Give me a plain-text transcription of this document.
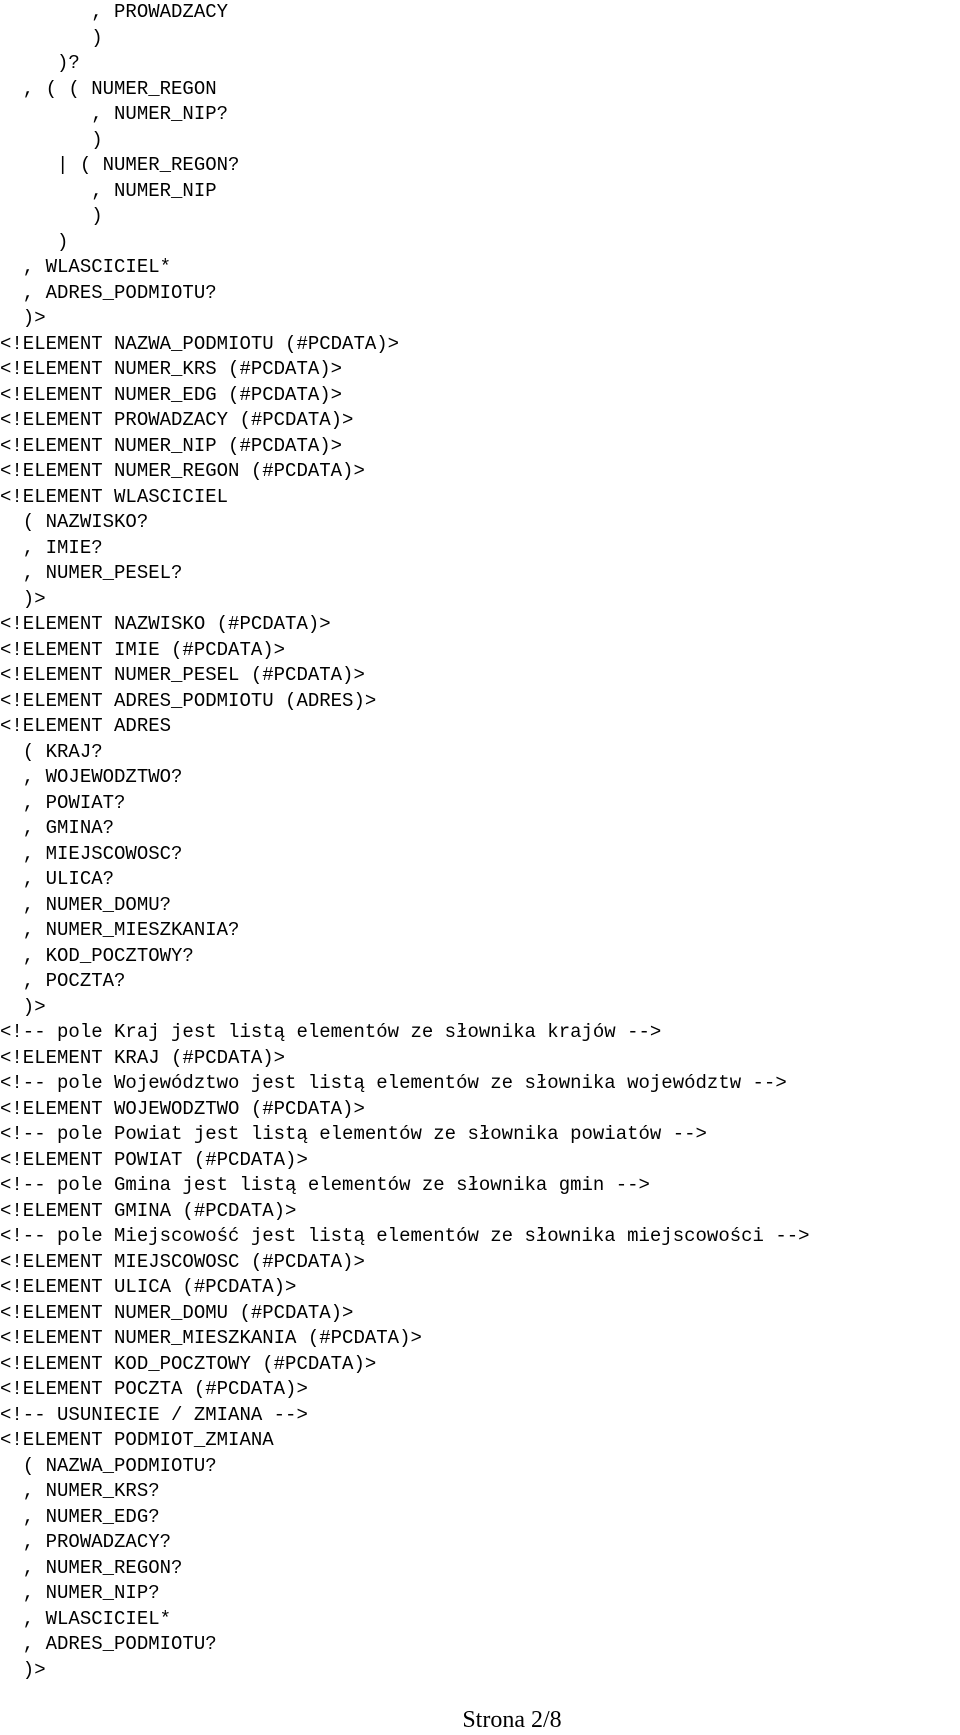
, PROWADZACY
)
)?
, ( ( NUMER_REGON
, NUMER_NIP?
)
| ( NUMER_REGON?
, NUMER_NIP
)
)
, WLASCICIEL*
, ADRES_PODMIOTU?
)>
<!ELEMENT NAZWA_PODMIOTU (#PCDATA)>
<!ELEMENT NUMER_KRS (#PCDATA)>
<!ELEMENT NUMER_EDG (#PCDATA)>
<!ELEMENT PROWADZACY (#PCDATA)>
<!ELEMENT NUMER_NIP (#PCDATA)>
<!ELEMENT NUMER_REGON (#PCDATA)>
<!ELEMENT WLASCICIEL
( NAZWISKO?
, IMIE?
, NUMER_PESEL?
)>
<!ELEMENT NAZWISKO (#PCDATA)>
<!ELEMENT IMIE (#PCDATA)>
<!ELEMENT NUMER_PESEL (#PCDATA)>
<!ELEMENT ADRES_PODMIOTU (ADRES)>
<!ELEMENT ADRES
( KRAJ?
, WOJEWODZTWO?
, POWIAT?
, GMINA?
, MIEJSCOWOSC?
, ULICA?
, NUMER_DOMU?
, NUMER_MIESZKANIA?
, KOD_POCZTOWY?
, POCZTA?
)>
<!-- pole Kraj jest listą elementów ze słownika krajów -->
<!ELEMENT KRAJ (#PCDATA)>
<!-- pole Województwo jest listą elementów ze słownika województw -->
<!ELEMENT WOJEWODZTWO (#PCDATA)>
<!-- pole Powiat jest listą elementów ze słownika powiatów -->
<!ELEMENT POWIAT (#PCDATA)>
<!-- pole Gmina jest listą elementów ze słownika gmin -->
<!ELEMENT GMINA (#PCDATA)>
<!-- pole Miejscowość jest listą elementów ze słownika miejscowości -->
<!ELEMENT MIEJSCOWOSC (#PCDATA)>
<!ELEMENT ULICA (#PCDATA)>
<!ELEMENT NUMER_DOMU (#PCDATA)>
<!ELEMENT NUMER_MIESZKANIA (#PCDATA)>
<!ELEMENT KOD_POCZTOWY (#PCDATA)>
<!ELEMENT POCZTA (#PCDATA)>
<!-- USUNIECIE / ZMIANA -->
<!ELEMENT PODMIOT_ZMIANA
( NAZWA_PODMIOTU?
, NUMER_KRS?
, NUMER_EDG?
, PROWADZACY?
, NUMER_REGON?
, NUMER_NIP?
, WLASCICIEL*
, ADRES_PODMIOTU?
)>
Strona 2/8
